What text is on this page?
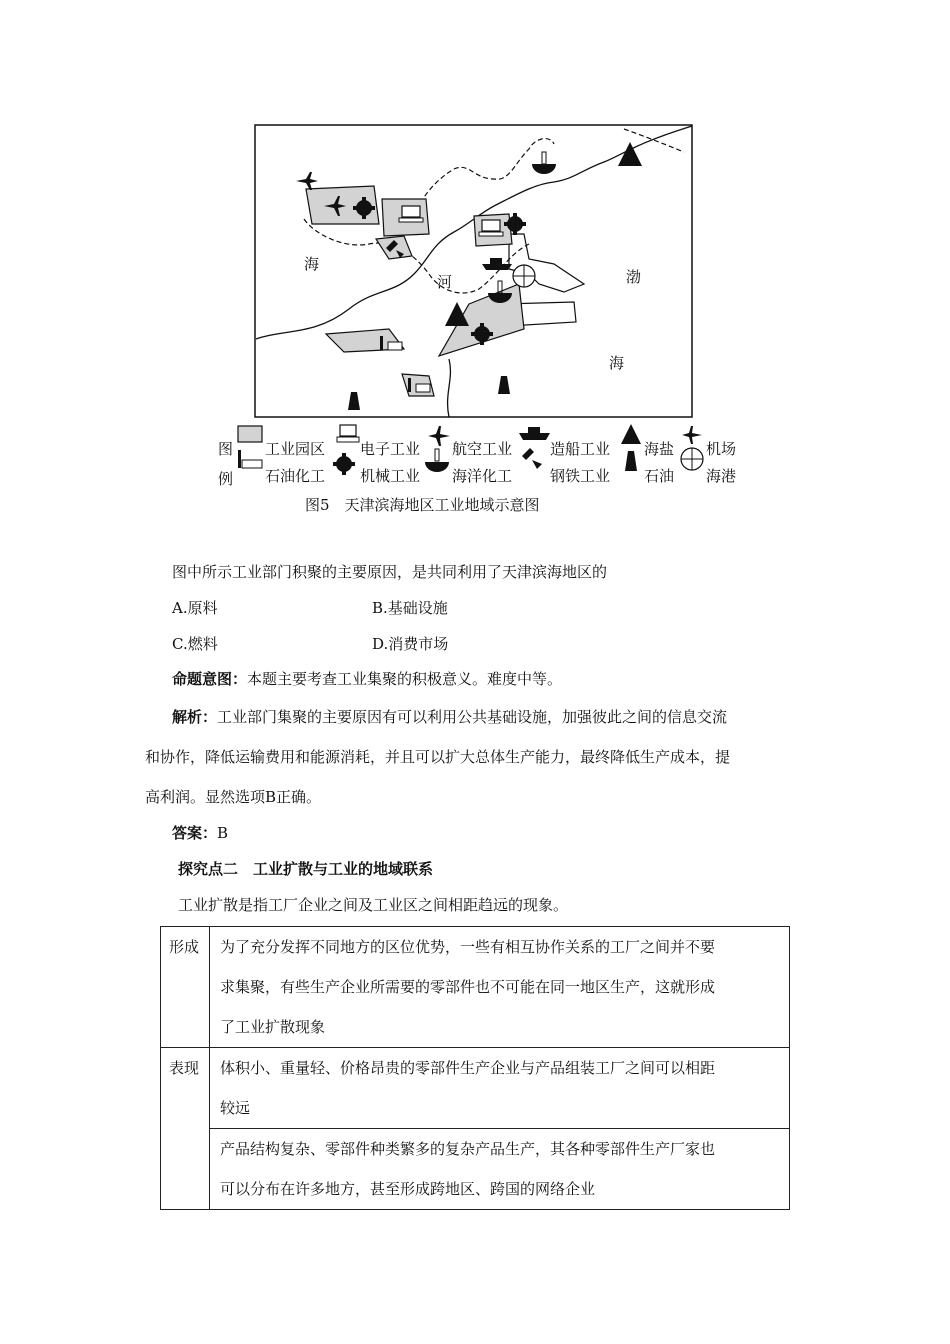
海
河	渤
海
图
例
工业园区 电子工业 航空工业	造船工业 海盐 机场
石油化工 机械工业 海洋化工	钢铁工业 石油 海港
图5　天津滨海地区工业地域示意图
图中所示工业部门积聚的主要原因，是共同利用了天津滨海地区的
A.原料	B.基础设施
C.燃料	D.消费市场
命题意图：本题主要考查工业集聚的积极意义。难度中等。
解析：工业部门集聚的主要原因有可以利用公共基础设施，加强彼此之间的信息交流
和协作，降低运输费用和能源消耗，并且可以扩大总体生产能力，最终降低生产成本，提
高利润。显然选项B正确。
答案：B
探究点二　工业扩散与工业的地域联系
工业扩散是指工厂企业之间及工业区之间相距趋远的现象。
形成	为了充分发挥不同地方的区位优势，一些有相互协作关系的工厂之间并不要
求集聚，有些生产企业所需要的零部件也不可能在同一地区生产，这就形成
了工业扩散现象

表现	体积小、重量轻、价格昂贵的零部件生产企业与产品组装工厂之间可以相距
较远

	产品结构复杂、零部件种类繁多的复杂产品生产，其各种零部件生产厂家也
可以分布在许多地方，甚至形成跨地区、跨国的网络企业
